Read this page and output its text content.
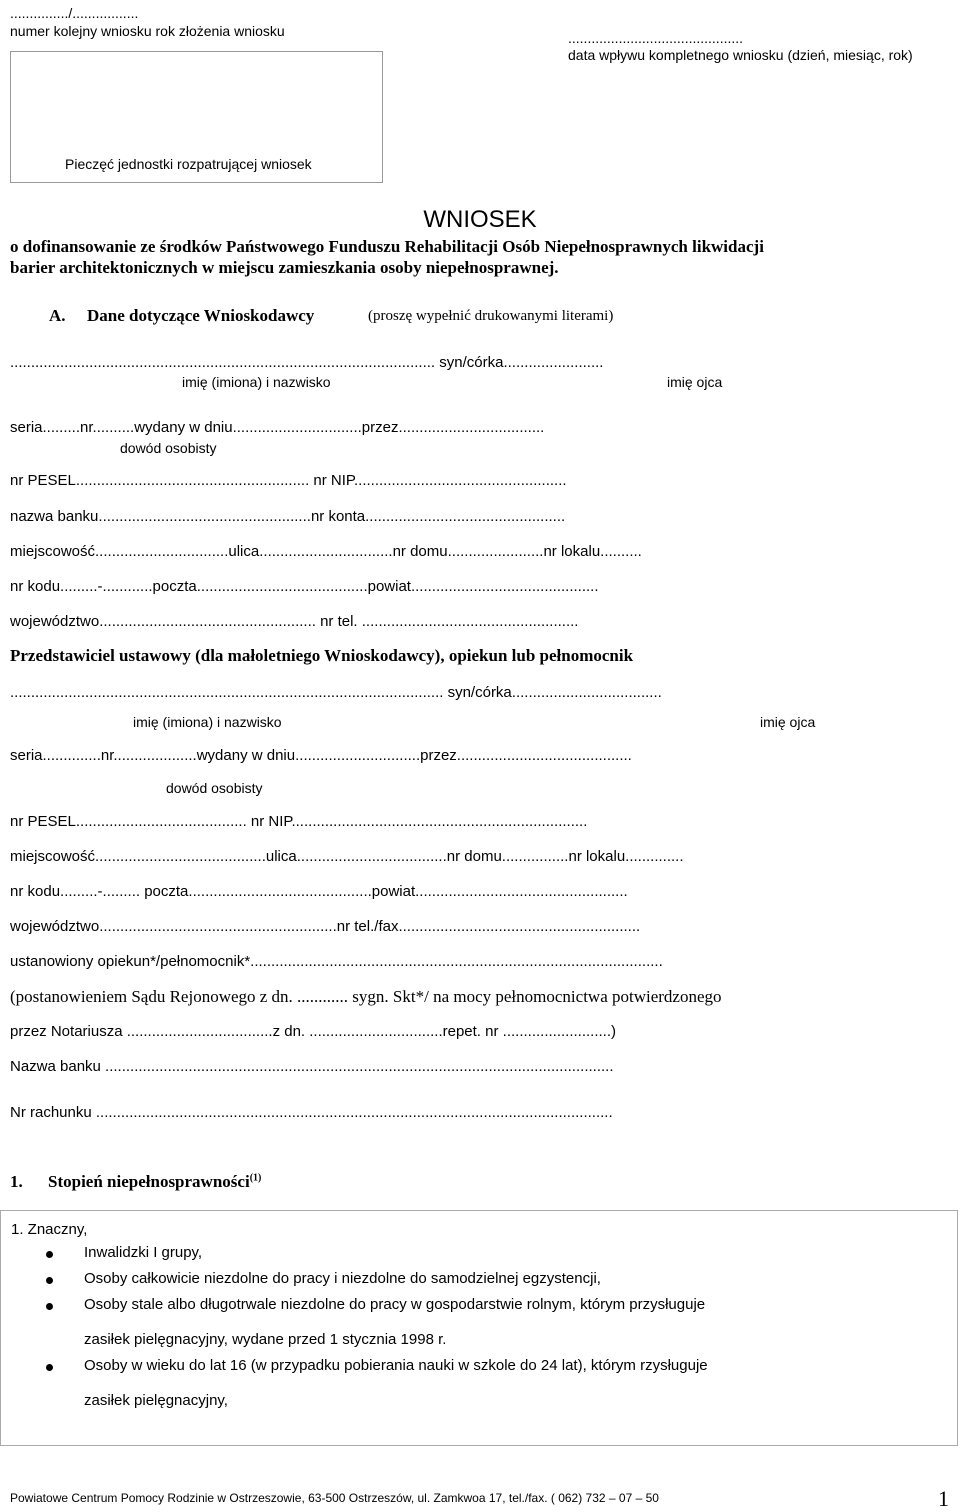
.............../.................
numer kolejny wniosku rok złożenia wniosku	.............................................
data wpływu kompletnego wniosku (dzień, miesiąc, rok)
Pieczęć jednostki rozpatrującej wniosek
WNIOSEK
o dofinansowanie ze środków Państwowego Funduszu Rehabilitacji Osób Niepełnosprawnych likwidacji
barier architektonicznych w miejscu zamieszkania osoby niepełnosprawnej.
A. Dane dotyczące Wnioskodawcy	(proszę wypełnić drukowanymi literami)
...................................................................................................... syn/córka........................
imię (imiona) i nazwisko	imię ojca
seria.........nr..........wydany w dniu...............................przez...................................
dowód osobisty
nr PESEL........................................................ nr NIP...................................................
nazwa banku...................................................nr konta................................................
miejscowość................................ulica................................nr domu.......................nr lokalu..........
nr kodu.........-............poczta.........................................powiat.............................................
województwo.................................................... nr tel. ....................................................
Przedstawiciel ustawowy (dla małoletniego Wnioskodawcy), opiekun lub pełnomocnik
........................................................................................................ syn/córka....................................
imię (imiona) i nazwisko	imię ojca
seria..............nr....................wydany w dniu..............................przez..........................................
dowód osobisty
nr PESEL......................................... nr NIP.......................................................................
miejscowość.........................................ulica....................................nr domu................nr lokalu..............
nr kodu.........-......... poczta............................................powiat...................................................
województwo.........................................................nr tel./fax..........................................................
ustanowiony opiekun*/pełnomocnik*...................................................................................................
(postanowieniem Sądu Rejonowego z dn. ............ sygn. Skt*/ na mocy pełnomocnictwa potwierdzonego
przez Notariusza ...................................z dn. ................................repet. nr ..........................)
Nazwa banku ..........................................................................................................................
Nr rachunku ............................................................................................................................
1. Stopień niepełnosprawności$^{(1)}$
1. Znaczny,
Inwalidzki I grupy,
Osoby całkowicie niezdolne do pracy i niezdolne do samodzielnej egzystencji,
Osoby stale albo długotrwale niezdolne do pracy w gospodarstwie rolnym, którym przysługuje
zasiłek pielęgnacyjny, wydane przed 1 stycznia 1998 r.
Osoby w wieku do lat 16 (w przypadku pobierania nauki w szkole do 24 lat), którym rzysługuje
zasiłek pielęgnacyjny,
Powiatowe Centrum Pomocy Rodzinie w Ostrzeszowie, 63-500 Ostrzeszów, ul. Zamkwoa 17, tel./fax. ( 062) 732 – 07 – 50	1
